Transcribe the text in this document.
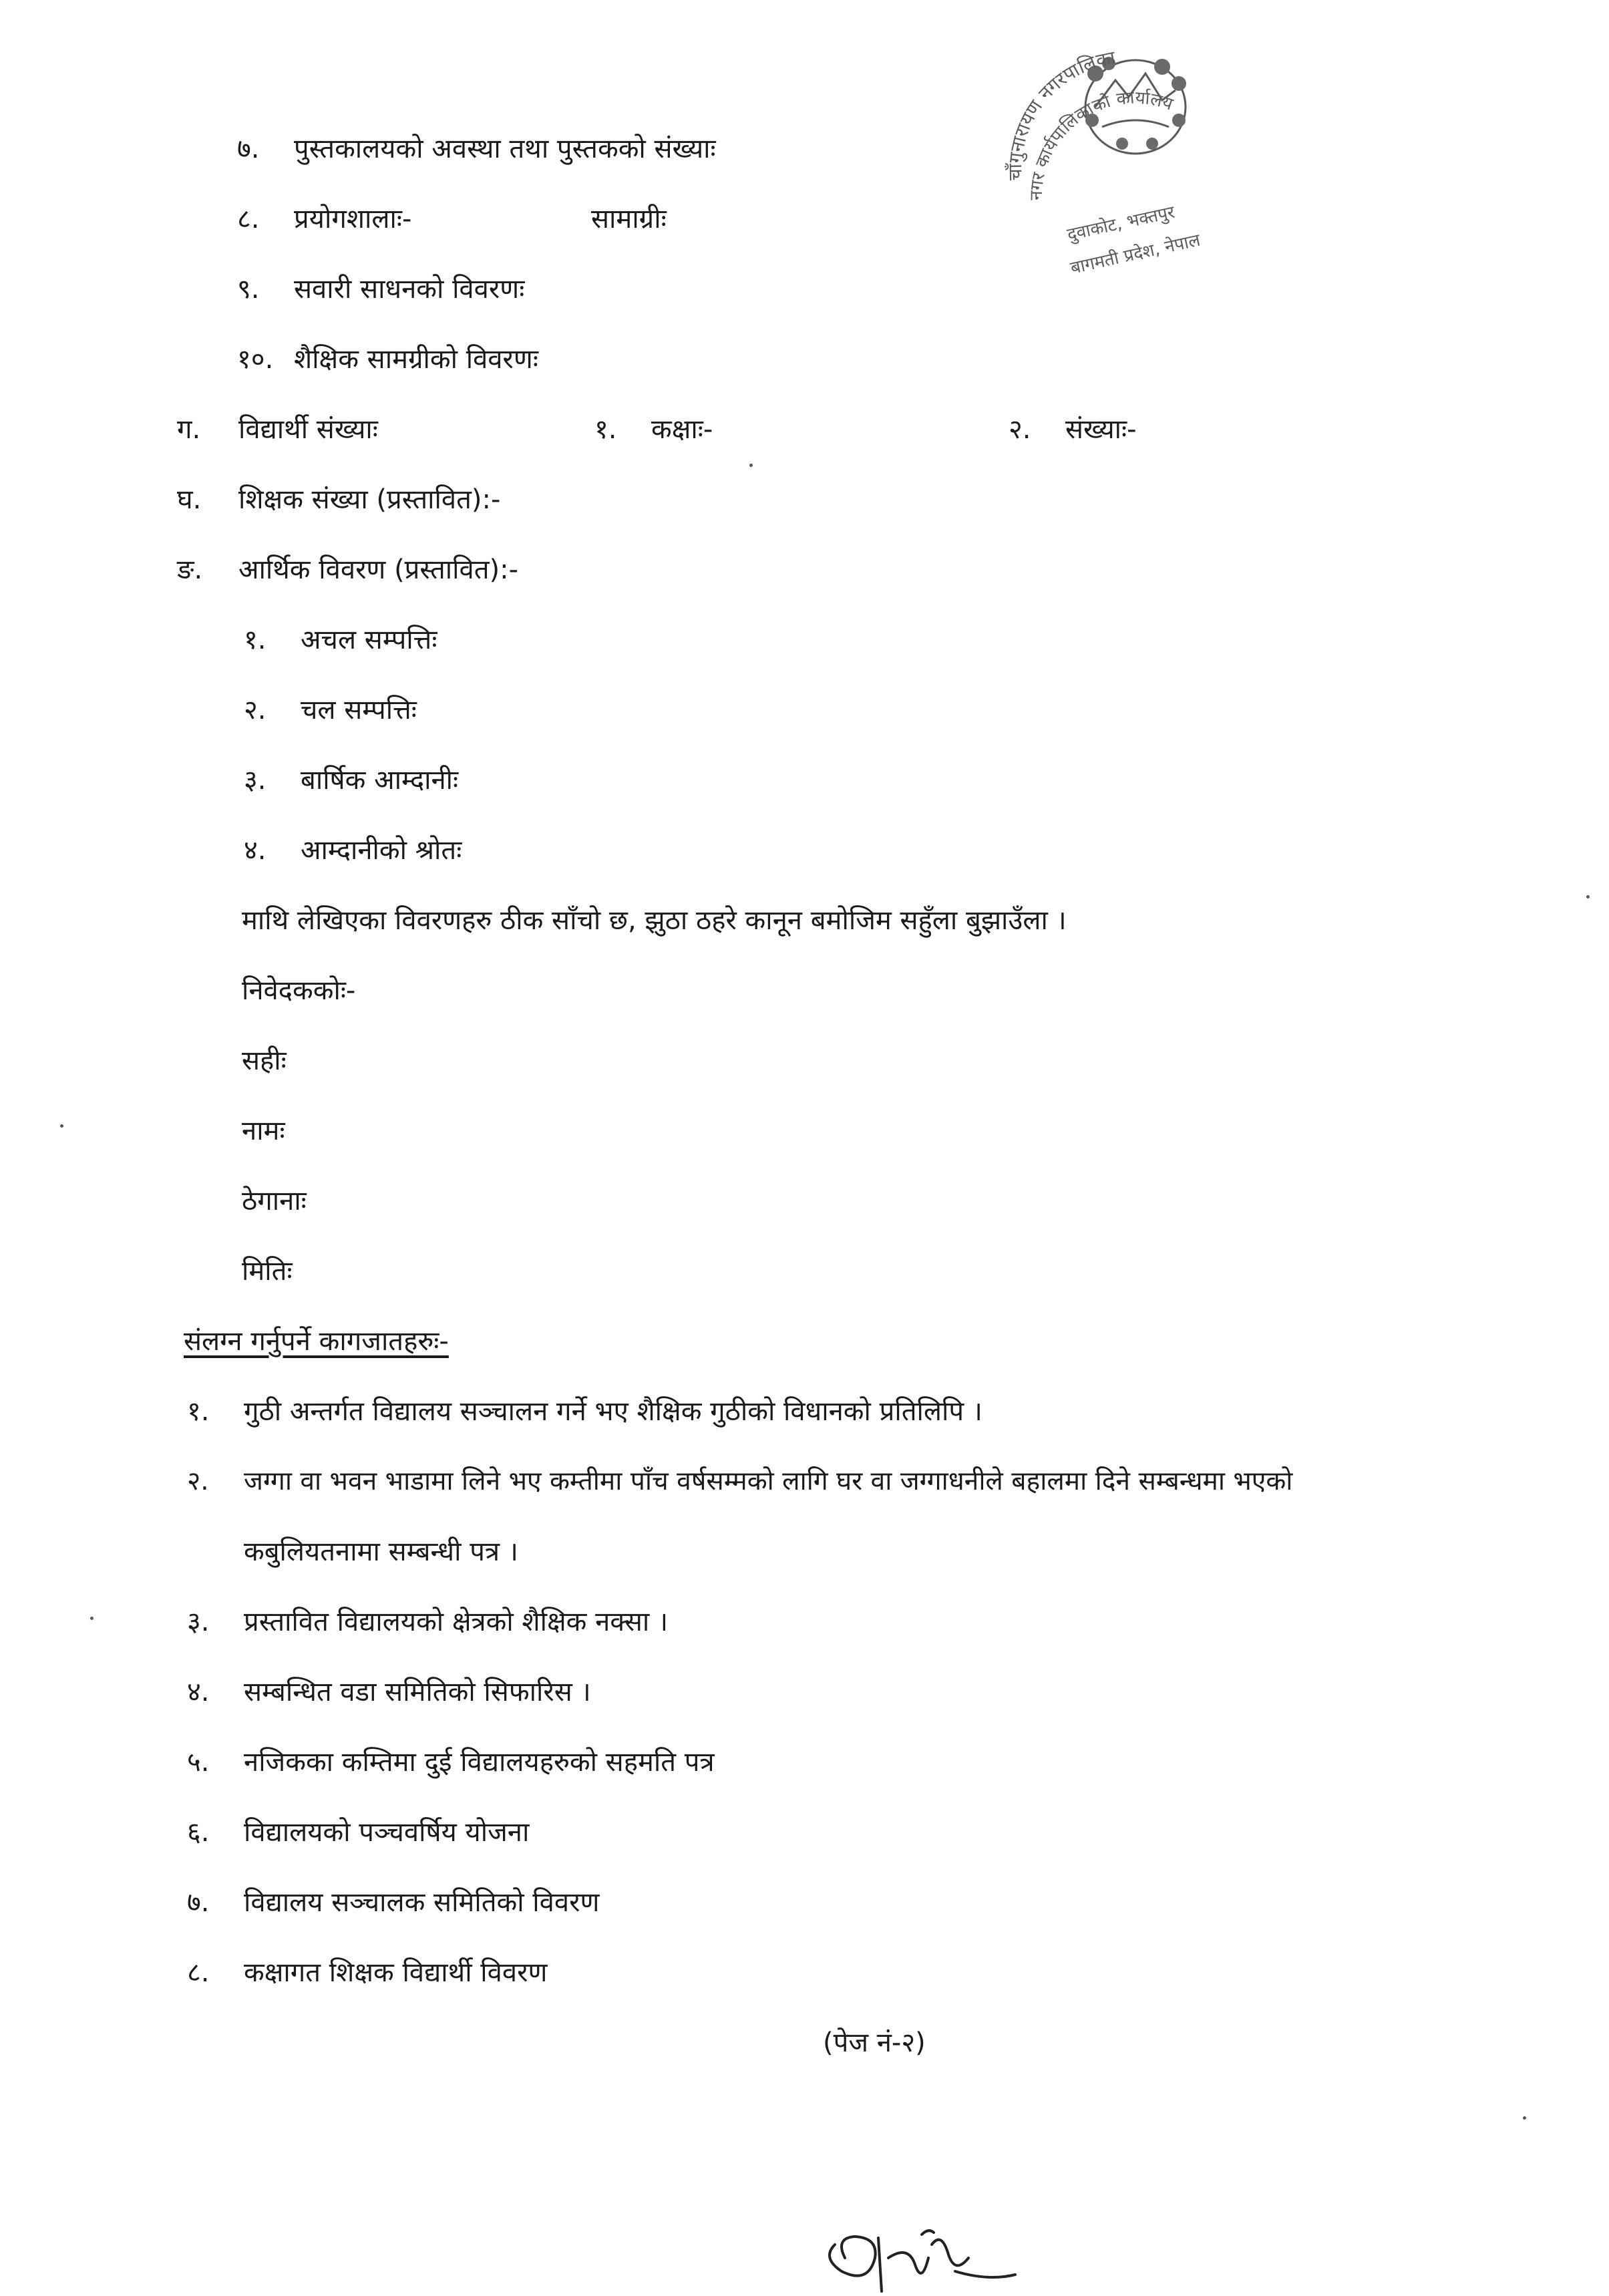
चाँगुनारायण नगरपालिका
नगर कार्यपालिकाको कार्यालय
दुवाकोट, भक्तपुर
बागमती प्रदेश, नेपाल
७. पुस्तकालयको अवस्था तथा पुस्तकको संख्याः
८. प्रयोगशालाः-	सामाग्रीः
९. सवारी साधनको विवरणः
१०. शैक्षिक सामग्रीको विवरणः
ग. विद्यार्थी संख्याः	१. कक्षाः-	२. संख्याः-
घ. शिक्षक संख्या (प्रस्तावित):-
ङ. आर्थिक विवरण (प्रस्तावित):-
१. अचल सम्पत्तिः
२. चल सम्पत्तिः
३. बार्षिक आम्दानीः
४. आम्दानीको श्रोतः
माथि लेखिएका विवरणहरु ठीक साँचो छ, झुठा ठहरे कानून बमोजिम सहुँला बुझाउँला ।
निवेदककोः-
सहीः
नामः
ठेगानाः
मितिः
संलग्न गर्नुपर्ने कागजातहरुः-
१. गुठी अन्तर्गत विद्यालय सञ्चालन गर्ने भए शैक्षिक गुठीको विधानको प्रतिलिपि ।
२. जग्गा वा भवन भाडामा लिने भए कम्तीमा पाँच वर्षसम्मको लागि घर वा जग्गाधनीले बहालमा दिने सम्बन्धमा भएको
कबुलियतनामा सम्बन्धी पत्र ।
३. प्रस्तावित विद्यालयको क्षेत्रको शैक्षिक नक्सा ।
४. सम्बन्धित वडा समितिको सिफारिस ।
५. नजिकका कम्तिमा दुई विद्यालयहरुको सहमति पत्र
६. विद्यालयको पञ्चवर्षिय योजना
७. विद्यालय सञ्चालक समितिको विवरण
८. कक्षागत शिक्षक विद्यार्थी विवरण
(पेज नं-२)
